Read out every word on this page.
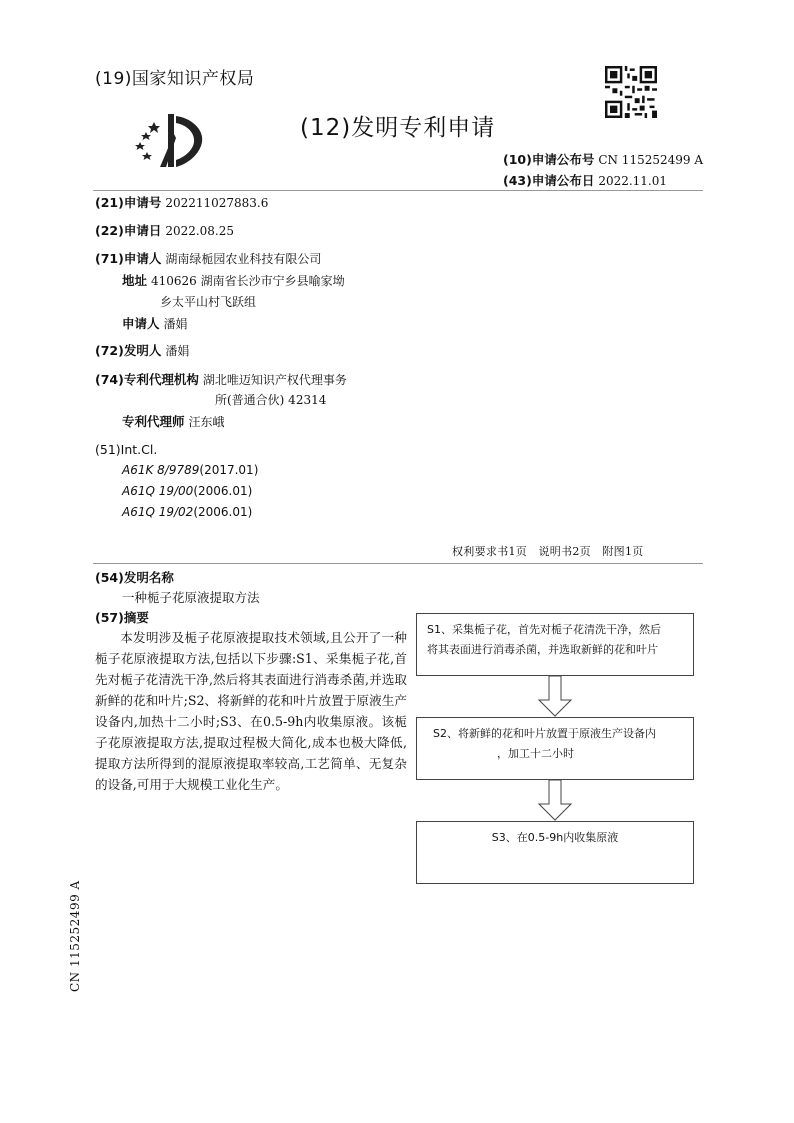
(19)国家知识产权局
(12)发明专利申请
(10)申请公布号 CN 115252499 A
(43)申请公布日 2022.11.01
(21)申请号 202211027883.6
(22)申请日 2022.08.25
(71)申请人 湖南绿栀园农业科技有限公司
地址 410626 湖南省长沙市宁乡县喻家坳
乡太平山村飞跃组
申请人 潘娟
(72)发明人 潘娟
(74)专利代理机构 湖北唯迈知识产权代理事务
所(普通合伙) 42314
专利代理师 汪东峨
(51)Int.Cl.
A61K 8/9789(2017.01)
A61Q 19/00(2006.01)
A61Q 19/02(2006.01)
权利要求书1页   说明书2页   附图1页
(54)发明名称
一种栀子花原液提取方法
(57)摘要
本发明涉及栀子花原液提取技术领域,且公开了一种栀子花原液提取方法,包括以下步骤:S1、采集栀子花,首先对栀子花清洗干净,然后将其表面进行消毒杀菌,并选取新鲜的花和叶片;S2、将新鲜的花和叶片放置于原液生产设备内,加热十二小时;S3、在0.5-9h内收集原液。该栀子花原液提取方法,提取过程极大简化,成本也极大降低,提取方法所得到的混原液提取率较高,工艺简单、无复杂的设备,可用于大规模工业化生产。
S1、采集栀子花，首先对栀子花清洗干净，然后
将其表面进行消毒杀菌，并选取新鲜的花和叶片
S2、将新鲜的花和叶片放置于原液生产设备内
，加工十二小时
S3、在0.5-9h内收集原液
CN 115252499 A
